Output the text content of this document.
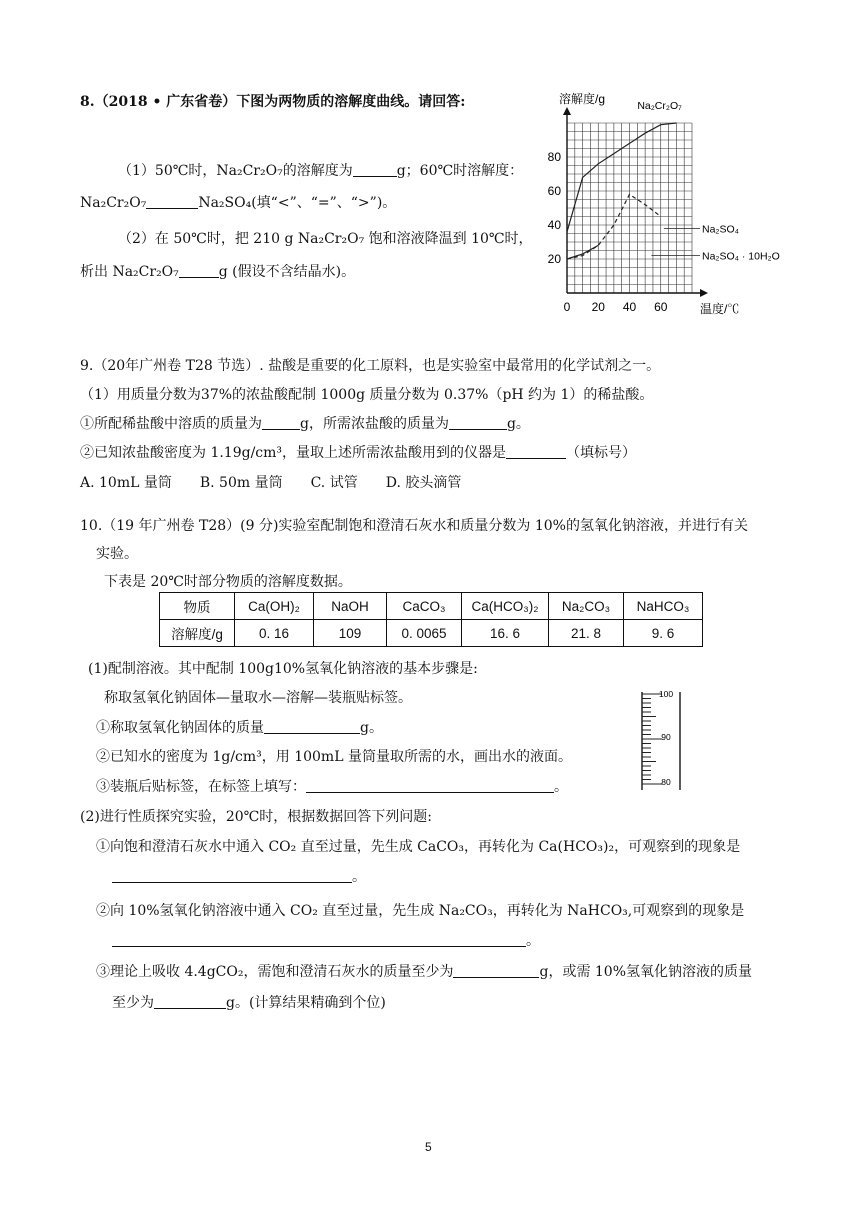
8.（2018 • 广东省卷）下图为两物质的溶解度曲线。请回答:
（1）50℃时，Na₂Cr₂O₇的溶解度为	g；60℃时溶解度：
Na₂Cr₂O₇	Na₂SO₄(填“<”、“=”、“>”)。
（2）在 50℃时，把 210 g Na₂Cr₂O₇ 饱和溶液降温到 10℃时，
析出 Na₂Cr₂O₇	g (假设不含结晶水)。
溶解度/g
温度/℃
0 20 40 60
20
40
60
80
Na₂Cr₂O₇
Na₂SO₄
Na₂SO₄ · 10H₂O
9.（20年广州卷 T28 节选）. 盐酸是重要的化工原料，也是实验室中最常用的化学试剂之一。
（1）用质量分数为37%的浓盐酸配制 1000g 质量分数为 0.37%（pH 约为 1）的稀盐酸。
①所配稀盐酸中溶质的质量为	g，所需浓盐酸的质量为	g。
②已知浓盐酸密度为 1.19g/cm³，量取上述所需浓盐酸用到的仪器是	（填标号）
A. 10mL 量筒 B. 50m 量筒 C. 试管 D. 胶头滴管
10.（19 年广州卷 T28）(9 分)实验室配制饱和澄清石灰水和质量分数为 10%的氢氧化钠溶液，并进行有关
实验。
下表是 20℃时部分物质的溶解度数据。
物质	Ca(OH)₂	NaOH	CaCO₃	Ca(HCO₃)₂	Na₂CO₃	NaHCO₃
溶解度/g	0. 16	109	0. 0065	16. 6	21. 8	9. 6
(1)配制溶液。其中配制 100g10%氢氧化钠溶液的基本步骤是:
称取氢氧化钠固体—量取水—溶解—装瓶贴标签。
①称取氢氧化钠固体的质量	g。
②已知水的密度为 1g/cm³，用 100mL 量筒量取所需的水，画出水的液面。
③装瓶后贴标签，在标签上填写：	。
100
90
80
(2)进行性质探究实验，20℃时，根据数据回答下列问题:
①向饱和澄清石灰水中通入 CO₂ 直至过量，先生成 CaCO₃，再转化为 Ca(HCO₃)₂，可观察到的现象是
。
②向 10%氢氧化钠溶液中通入 CO₂ 直至过量，先生成 Na₂CO₃，再转化为 NaHCO₃,可观察到的现象是
。
③理论上吸收 4.4gCO₂，需饱和澄清石灰水的质量至少为	g，或需 10%氢氧化钠溶液的质量
至少为	g。(计算结果精确到个位)
5
